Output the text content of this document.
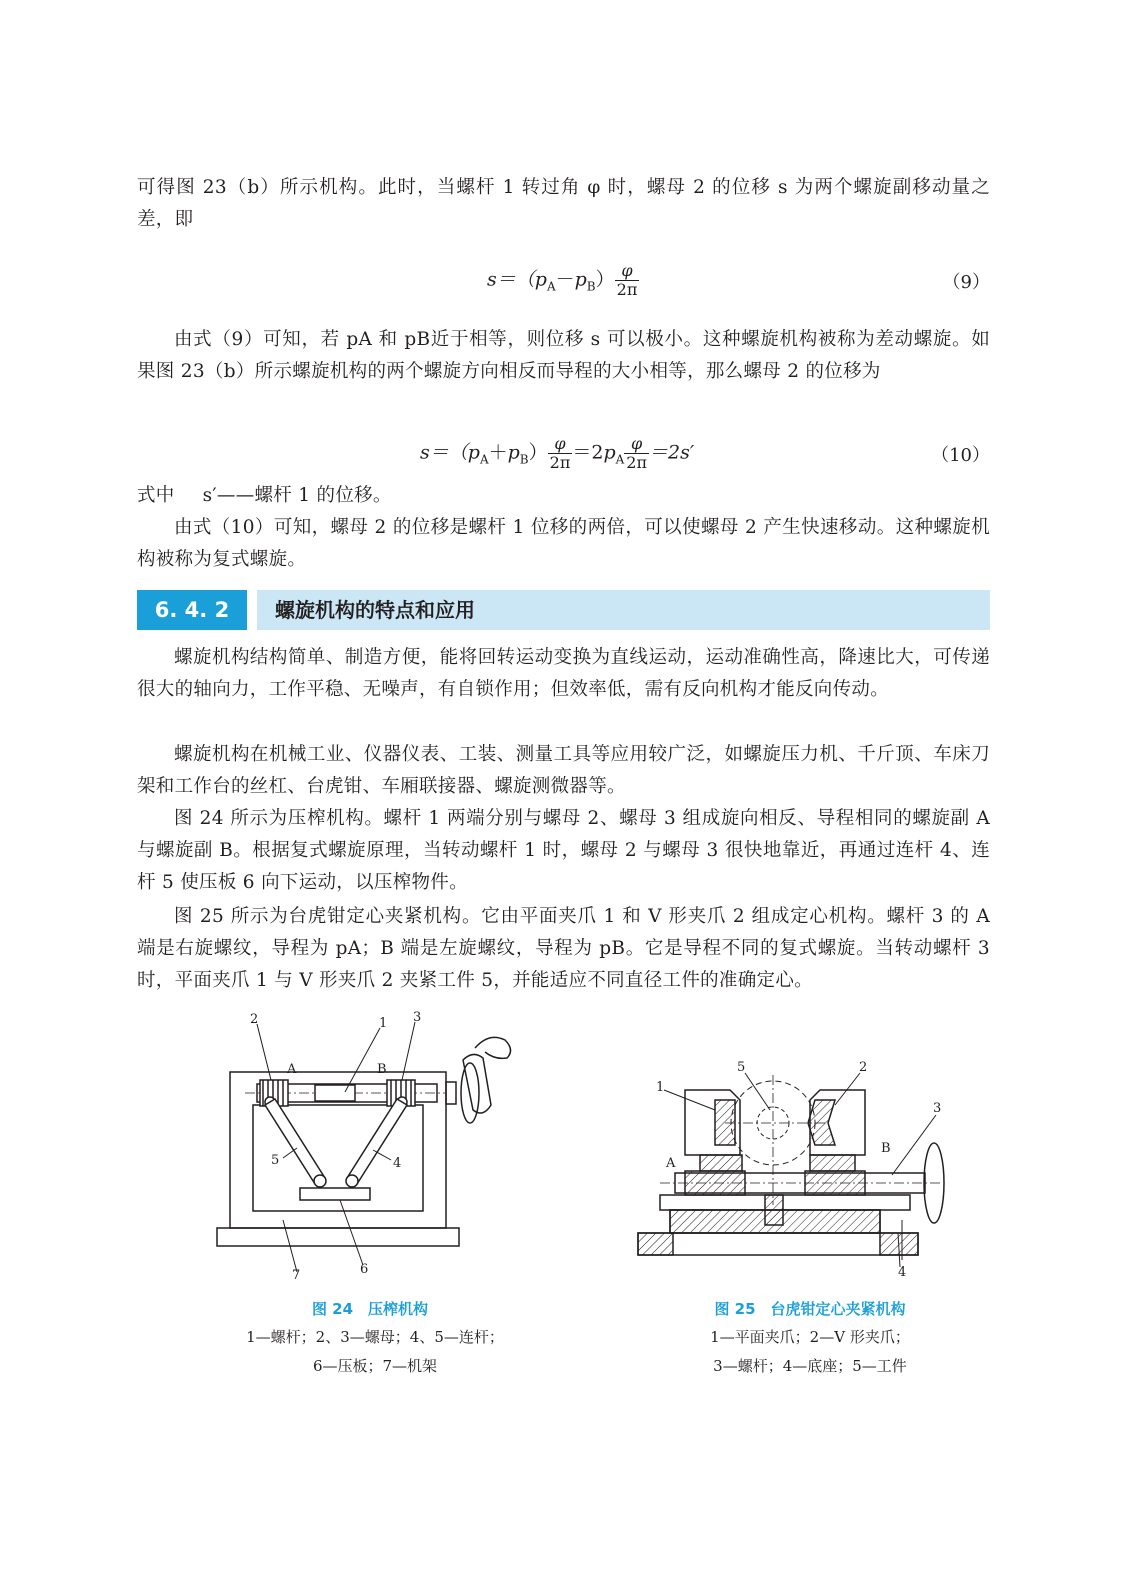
可得图 23（b）所示机构。此时，当螺杆 1 转过角 φ 时，螺母 2 的位移 s 为两个螺旋副移动量之差，即
$s=(p_A-p_B) \frac{\varphi}{2\pi}$	（9）
由式（9）可知，若 pA 和 pB近于相等，则位移 s 可以极小。这种螺旋机构被称为差动螺旋。如果图 23（b）所示螺旋机构的两个螺旋方向相反而导程的大小相等，那么螺母 2 的位移为
$s=(p_A+p_B) \frac{\varphi}{2\pi} =2p_A \frac{\varphi}{2\pi} =2s'$	（10）
式中 s′——螺杆 1 的位移。
由式（10）可知，螺母 2 的位移是螺杆 1 位移的两倍，可以使螺母 2 产生快速移动。这种螺旋机构被称为复式螺旋。
6. 4. 2	螺旋机构的特点和应用
螺旋机构结构简单、制造方便，能将回转运动变换为直线运动，运动准确性高，降速比大，可传递很大的轴向力，工作平稳、无噪声，有自锁作用；但效率低，需有反向机构才能反向传动。
螺旋机构在机械工业、仪器仪表、工装、测量工具等应用较广泛，如螺旋压力机、千斤顶、车床刀架和工作台的丝杠、台虎钳、车厢联接器、螺旋测微器等。
图 24 所示为压榨机构。螺杆 1 两端分别与螺母 2、螺母 3 组成旋向相反、导程相同的螺旋副 A 与螺旋副 B。根据复式螺旋原理，当转动螺杆 1 时，螺母 2 与螺母 3 很快地靠近，再通过连杆 4、连杆 5 使压板 6 向下运动，以压榨物件。
图 25 所示为台虎钳定心夹紧机构。它由平面夹爪 1 和 V 形夹爪 2 组成定心机构。螺杆 3 的 A 端是右旋螺纹，导程为 pA；B 端是左旋螺纹，导程为 pB。它是导程不同的复式螺旋。当转动螺杆 3 时，平面夹爪 1 与 V 形夹爪 2 夹紧工件 5，并能适应不同直径工件的准确定心。
2	1 3
A	B
5	4
7	6
图 24　压榨机构
1—螺杆；2、3—螺母；4、5—连杆；
6—压板；7—机架
1
5	2
3
A
B
4
图 25　台虎钳定心夹紧机构
1—平面夹爪；2—V 形夹爪；
3—螺杆；4—底座；5—工件
